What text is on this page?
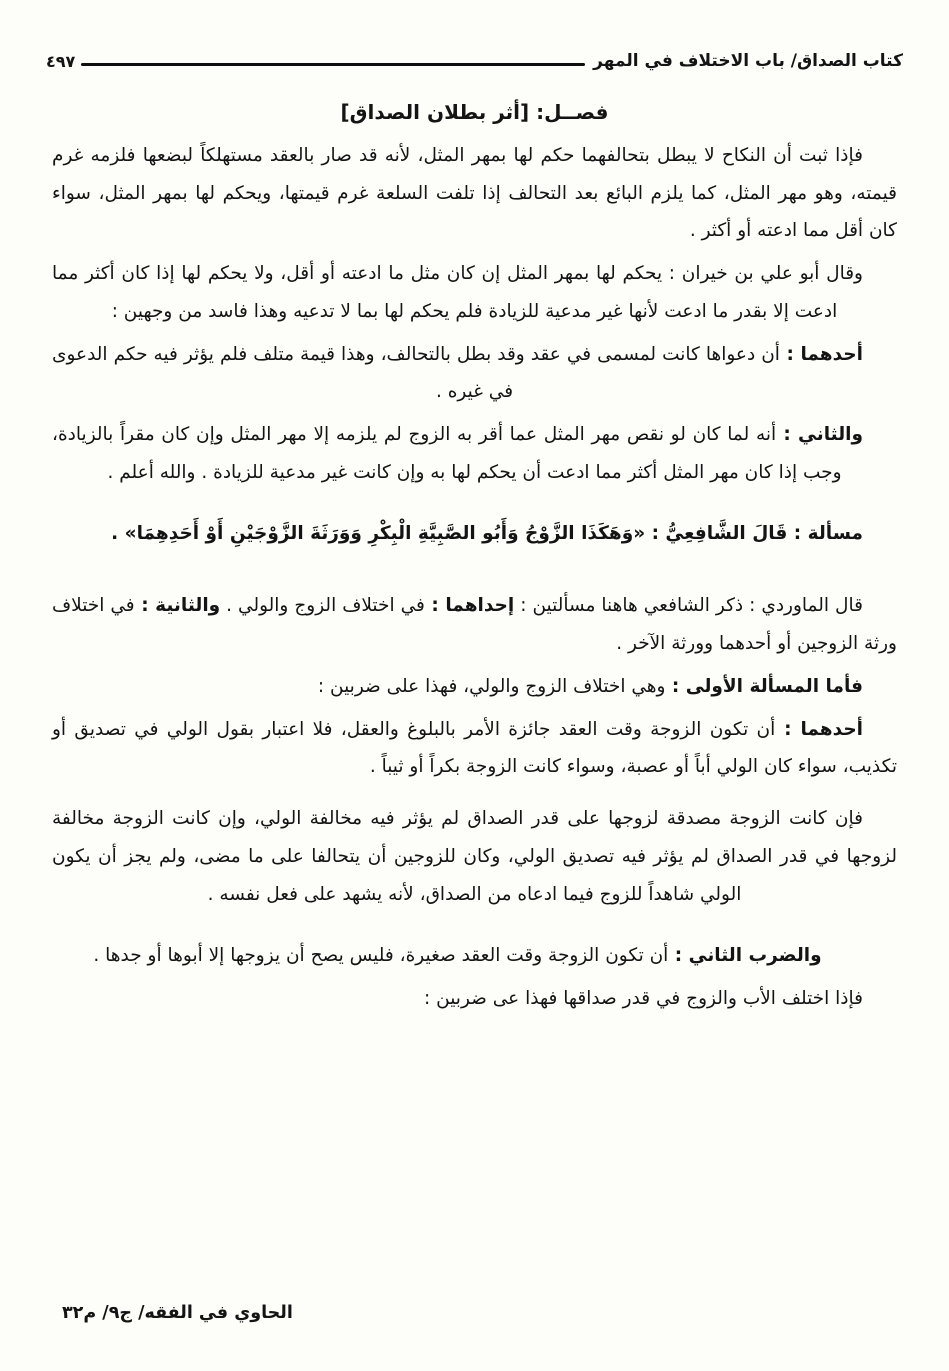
كتاب الصداق/ باب الاختلاف في المهر
٤٩٧
فصــل: [أثر بطلان الصداق]

فإذا ثبت أن النكاح لا يبطل بتحالفهما حكم لها بمهر المثل، لأنه قد صار بالعقد مستهلكاً لبضعها فلزمه غرم قيمته، وهو مهر المثل، كما يلزم البائع بعد التحالف إذا تلفت السلعة غرم قيمتها، ويحكم لها بمهر المثل، سواء كان أقل مما ادعته أو أكثر .

وقال أبو علي بن خيران : يحكم لها بمهر المثل إن كان مثل ما ادعته أو أقل، ولا يحكم لها إذا كان أكثر مما ادعت إلا بقدر ما ادعت لأنها غير مدعية للزيادة فلم يحكم لها بما لا تدعيه وهذا فاسد من وجهين :

أحدهما : أن دعواها كانت لمسمى في عقد وقد بطل بالتحالف، وهذا قيمة متلف فلم يؤثر فيه حكم الدعوى في غيره .

والثاني : أنه لما كان لو نقص مهر المثل عما أقر به الزوج لم يلزمه إلا مهر المثل وإن كان مقراً بالزيادة، وجب إذا كان مهر المثل أكثر مما ادعت أن يحكم لها به وإن كانت غير مدعية للزيادة . والله أعلم .

مسألة : قَالَ الشَّافِعِيُّ : «وَهَكَذَا الزَّوْجُ وَأَبُو الصَّبِيَّةِ الْبِكْرِ وَوَرَثَةَ الزَّوْجَيْنِ أَوْ أَحَدِهِمَا» .

قال الماوردي : ذكر الشافعي هاهنا مسألتين : إحداهما : في اختلاف الزوج والولي . والثانية : في اختلاف ورثة الزوجين أو أحدهما وورثة الآخر .

فأما المسألة الأولى : وهي اختلاف الزوج والولي، فهذا على ضربين :

أحدهما : أن تكون الزوجة وقت العقد جائزة الأمر بالبلوغ والعقل، فلا اعتبار بقول الولي في تصديق أو تكذيب، سواء كان الولي أباً أو عصبة، وسواء كانت الزوجة بكراً أو ثيباً .

فإن كانت الزوجة مصدقة لزوجها على قدر الصداق لم يؤثر فيه مخالفة الولي، وإن كانت الزوجة مخالفة لزوجها في قدر الصداق لم يؤثر فيه تصديق الولي، وكان للزوجين أن يتحالفا على ما مضى، ولم يجز أن يكون الولي شاهداً للزوج فيما ادعاه من الصداق، لأنه يشهد على فعل نفسه .

والضرب الثاني : أن تكون الزوجة وقت العقد صغيرة، فليس يصح أن يزوجها إلا أبوها أو جدها .

فإذا اختلف الأب والزوج في قدر صداقها فهذا عى ضربين :

الحاوي في الفقه/ ج٩/ م٣٢
